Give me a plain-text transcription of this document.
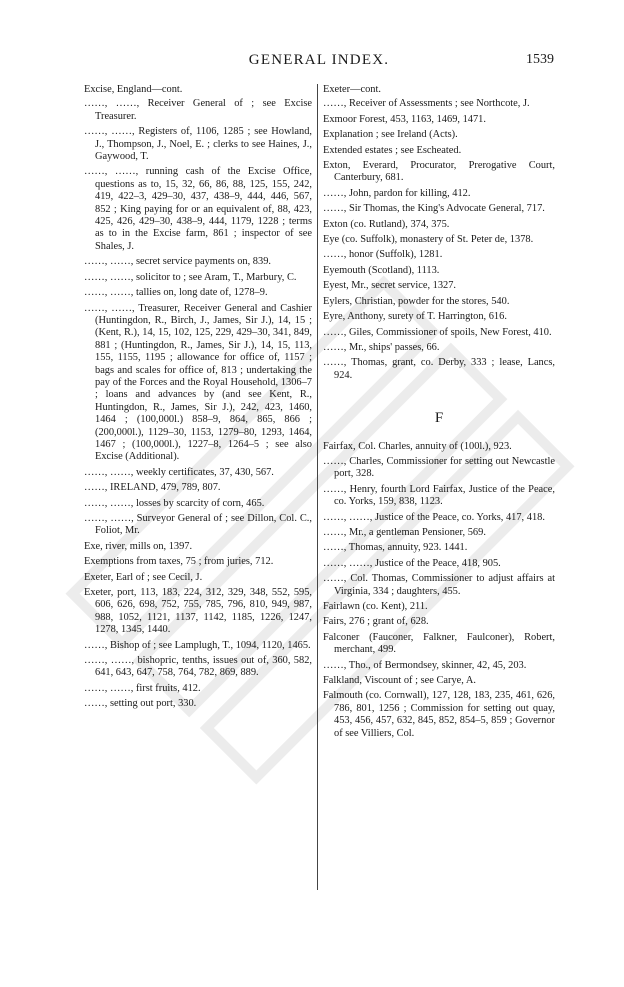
GENERAL INDEX.	1539

Excise, England—cont.

……, ……, Receiver General of ; see Excise Treasurer.

……, ……, Registers of, 1106, 1285 ; see Howland, J., Thompson, J., Noel, E. ; clerks to see Haines, J., Gaywood, T.

……, ……, running cash of the Excise Office, questions as to, 15, 32, 66, 86, 88, 125, 155, 242, 419, 422–3, 429–30, 437, 438–9, 444, 446, 567, 852 ; King paying for or an equivalent of, 88, 423, 425, 426, 429–30, 438–9, 444, 1179, 1228 ; terms as to in the Excise farm, 861 ; inspector of see Shales, J.

……, ……, secret service payments on, 839.

……, ……, solicitor to ; see Aram, T., Marbury, C.

……, ……, tallies on, long date of, 1278–9.

……, ……, Treasurer, Receiver General and Cashier (Huntingdon, R., Birch, J., James, Sir J.), 14, 15 ; (Kent, R.), 14, 15, 102, 125, 229, 429–30, 341, 849, 881 ; (Huntingdon, R., James, Sir J.), 14, 15, 113, 155, 1155, 1195 ; allowance for office of, 1157 ; bags and scales for office of, 813 ; undertaking the pay of the Forces and the Royal Household, 1306–7 ; loans and advances by (and see Kent, R., Huntingdon, R., James, Sir J.), 242, 423, 1460, 1464 ; (100,000l.) 858–9, 864, 865, 866 ; (200,000l.), 1129–30, 1153, 1279–80, 1293, 1464, 1467 ; (100,000l.), 1227–8, 1264–5 ; see also Excise (Additional).

……, ……, weekly certificates, 37, 430, 567.

……, IRELAND, 479, 789, 807.

……, ……, losses by scarcity of corn, 465.

……, ……, Surveyor General of ; see Dillon, Col. C., Foliot, Mr.

Exe, river, mills on, 1397.

Exemptions from taxes, 75 ; from juries, 712.

Exeter, Earl of ; see Cecil, J.

Exeter, port, 113, 183, 224, 312, 329, 348, 552, 595, 606, 626, 698, 752, 755, 785, 796, 810, 949, 987, 988, 1052, 1121, 1137, 1142, 1185, 1226, 1247, 1278, 1345, 1440.

……, Bishop of ; see Lamplugh, T., 1094, 1120, 1465.

……, ……, bishopric, tenths, issues out of, 360, 582, 641, 643, 647, 758, 764, 782, 869, 889.

……, ……, first fruits, 412.

……, setting out port, 330.

Exeter—cont.

……, Receiver of Assessments ; see Northcote, J.

Exmoor Forest, 453, 1163, 1469, 1471.

Explanation ; see Ireland (Acts).

Extended estates ; see Escheated.

Exton, Everard, Procurator, Prerogative Court, Canterbury, 681.

……, John, pardon for killing, 412.

……, Sir Thomas, the King's Advocate General, 717.

Exton (co. Rutland), 374, 375.

Eye (co. Suffolk), monastery of St. Peter de, 1378.

……, honor (Suffolk), 1281.

Eyemouth (Scotland), 1113.

Eyest, Mr., secret service, 1327.

Eylers, Christian, powder for the stores, 540.

Eyre, Anthony, surety of T. Harrington, 616.

……, Giles, Commissioner of spoils, New Forest, 410.

……, Mr., ships' passes, 66.

……, Thomas, grant, co. Derby, 333 ; lease, Lancs, 924.

F

Fairfax, Col. Charles, annuity of (100l.), 923.

……, Charles, Commissioner for setting out Newcastle port, 328.

……, Henry, fourth Lord Fairfax, Justice of the Peace, co. Yorks, 159, 838, 1123.

……, ……, Justice of the Peace, co. Yorks, 417, 418.

……, Mr., a gentleman Pensioner, 569.

……, Thomas, annuity, 923. 1441.

……, ……, Justice of the Peace, 418, 905.

……, Col. Thomas, Commissioner to adjust affairs at Virginia, 334 ; daughters, 455.

Fairlawn (co. Kent), 211.

Fairs, 276 ; grant of, 628.

Falconer (Fauconer, Falkner, Faulconer), Robert, merchant, 499.

……, Tho., of Bermondsey, skinner, 42, 45, 203.

Falkland, Viscount of ; see Carye, A.

Falmouth (co. Cornwall), 127, 128, 183, 235, 461, 626, 786, 801, 1256 ; Commission for setting out quay, 453, 456, 457, 632, 845, 852, 854–5, 859 ; Governor of see Villiers, Col.
